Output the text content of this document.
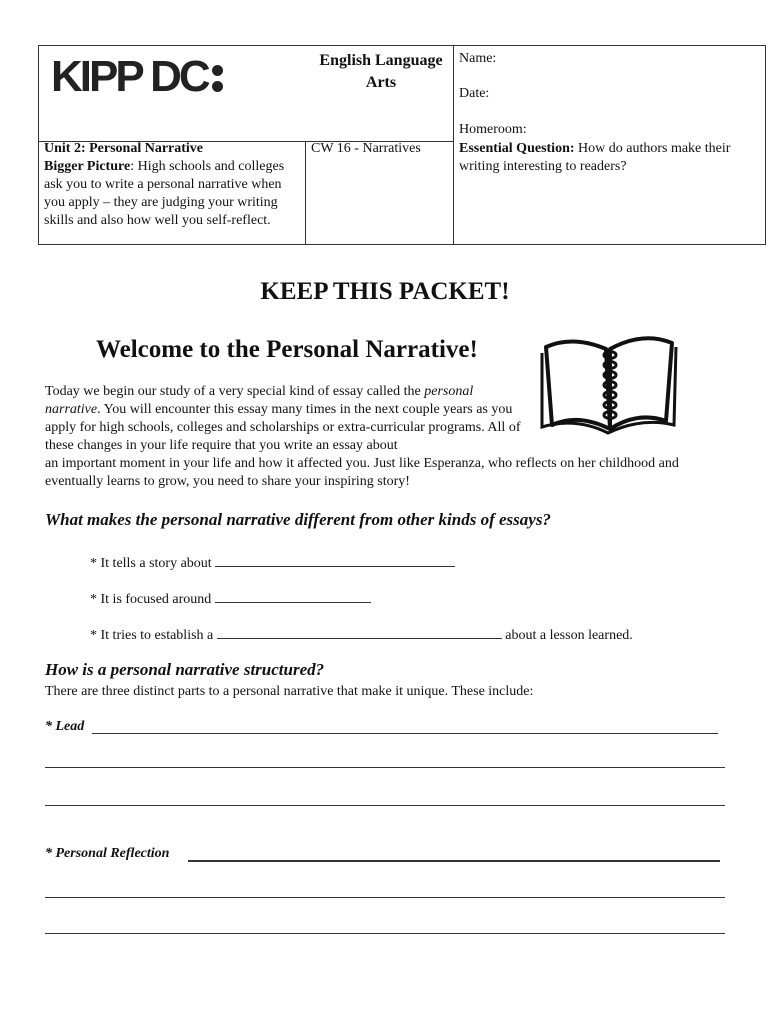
KIPP DC	English Language Arts
Name:
Date:
Homeroom:
Unit 2: Personal Narrative	CW 16 - Narratives
Bigger Picture: High schools and colleges ask you to write a personal narrative when you apply – they are judging your writing skills and also how well you self-reflect.
Essential Question: How do authors make their writing interesting to readers?
KEEP THIS PACKET!
Welcome to the Personal Narrative!
Today we begin our study of a very special kind of essay called the personal narrative. You will encounter this essay many times in the next couple years as you apply for high schools, colleges and scholarships or extra-curricular programs. All of these changes in your life require that you write an essay about
an important moment in your life and how it affected you. Just like Esperanza, who reflects on her childhood and eventually learns to grow, you need to share your inspiring story!
What makes the personal narrative different from other kinds of essays?
* It tells a story about
* It is focused around
* It tries to establish a	about a lesson learned.
How is a personal narrative structured?
There are three distinct parts to a personal narrative that make it unique. These include:
* Lead
* Personal Reflection
